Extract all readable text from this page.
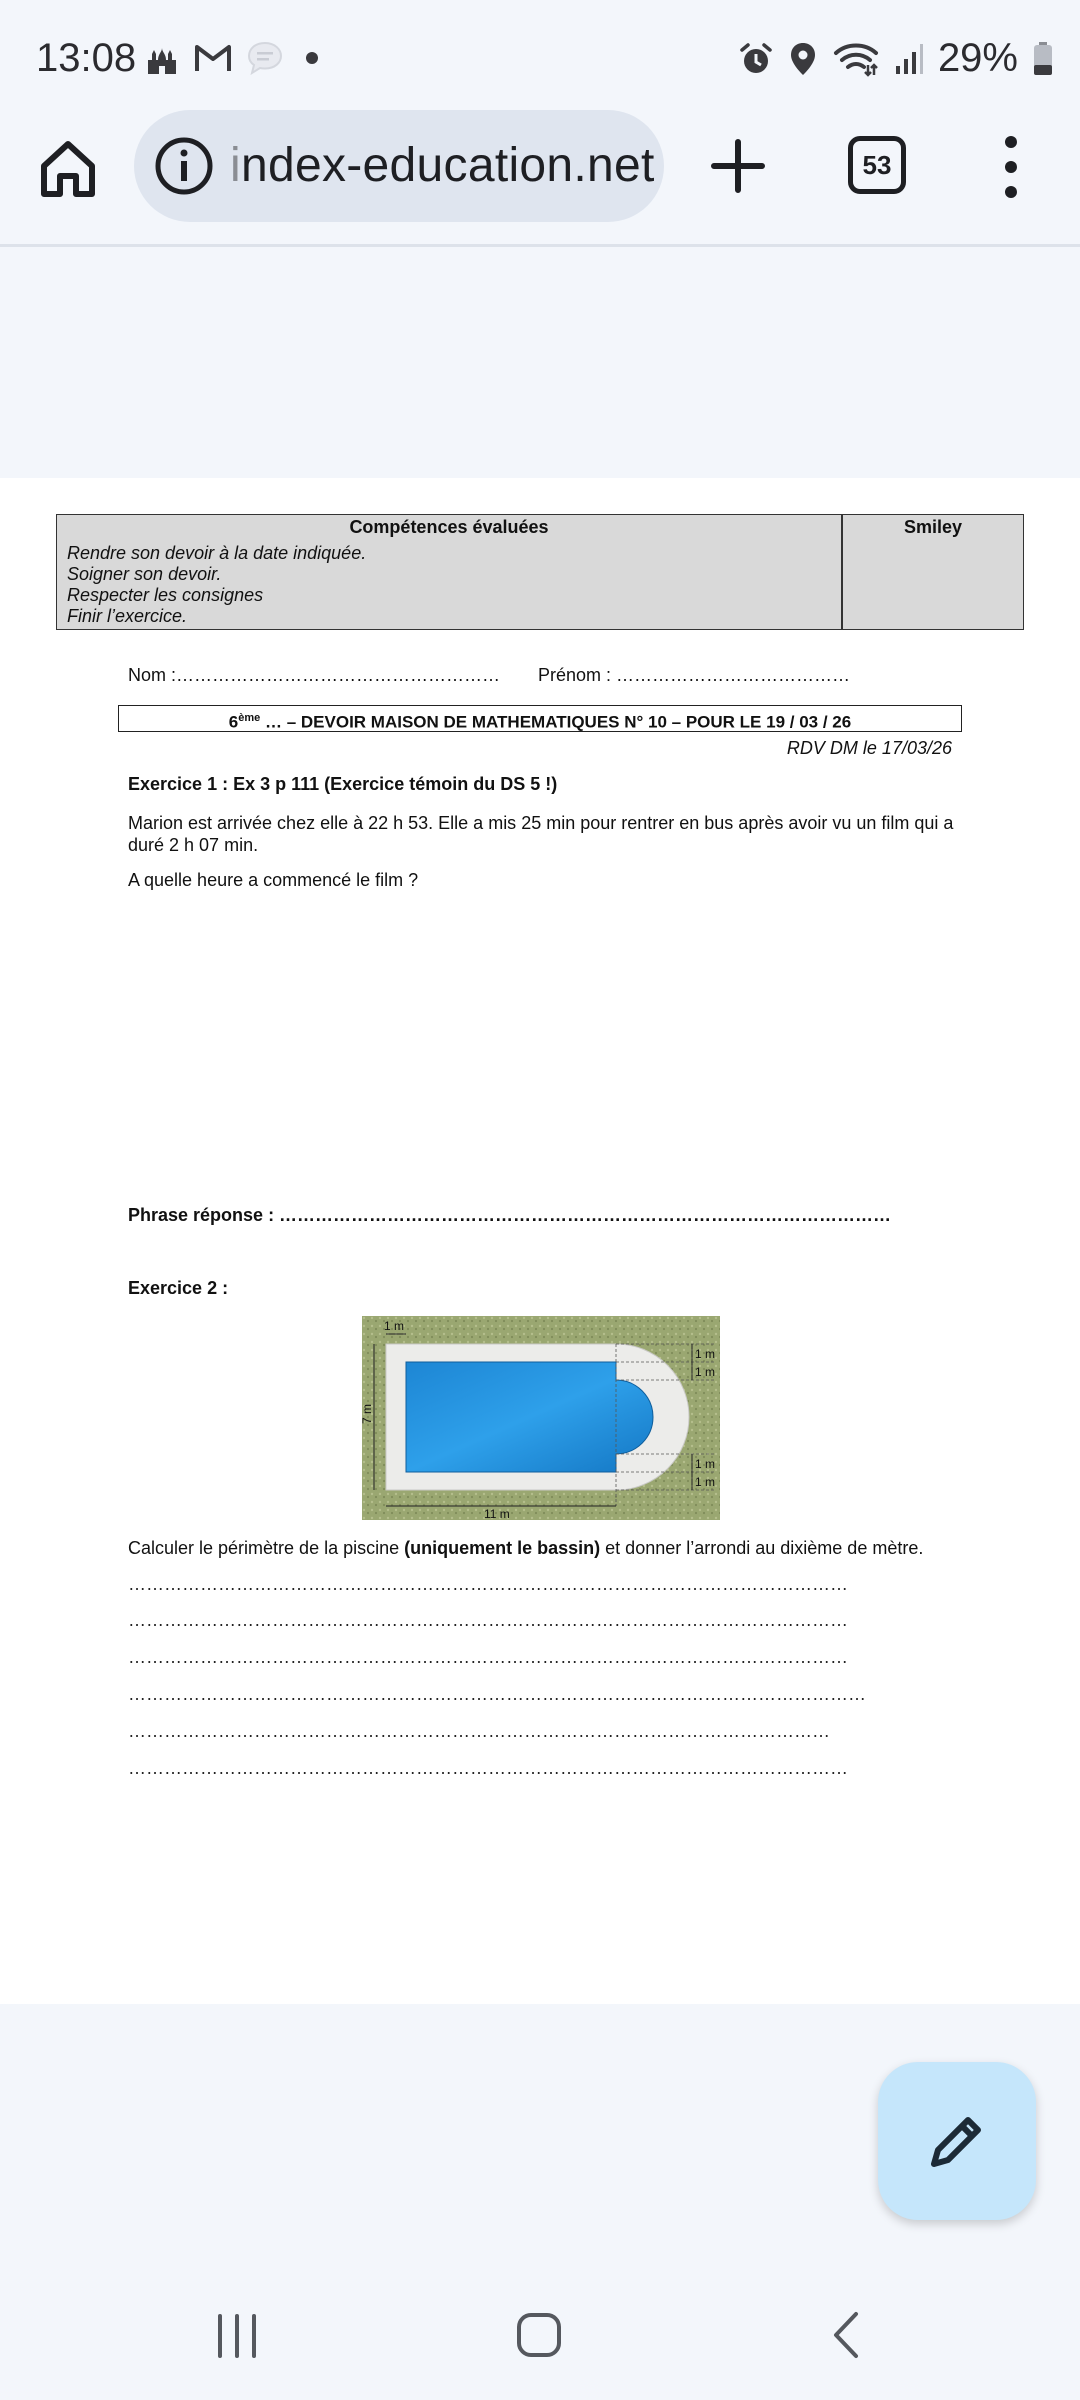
13:08	29%
index-education.net	53
Compétences évaluées	Smiley
Rendre son devoir à la date indiquée.
Soigner son devoir.
Respecter les consignes
Finir l’exercice.
Nom :……………………………………………… Prénom : …………………………………
6ème … – DEVOIR MAISON DE MATHEMATIQUES N° 10 – POUR LE 19 / 03 / 26
RDV DM le 17/03/26
Exercice 1 : Ex 3 p 111 (Exercice témoin du DS 5 !)
Marion est arrivée chez elle à 22 h 53. Elle a mis 25 min pour rentrer en bus après avoir vu un film qui a duré 2 h 07 min.
A quelle heure a commencé le film ?
Phrase réponse : …………………………………………………………………………………………
Exercice 2 :
1 m
7 m
11 m
1 m
1 m
1 m
1 m
Calculer le périmètre de la piscine (uniquement le bassin) et donner l’arrondi au dixième de mètre.
…………………………………………………………………………………………………………
…………………………………………………………………………………………………………
…………………………………………………………………………………………………………
……………………………………………………………………………………………………………
………………………………………………………………………………………………………
…………………………………………………………………………………………………………
